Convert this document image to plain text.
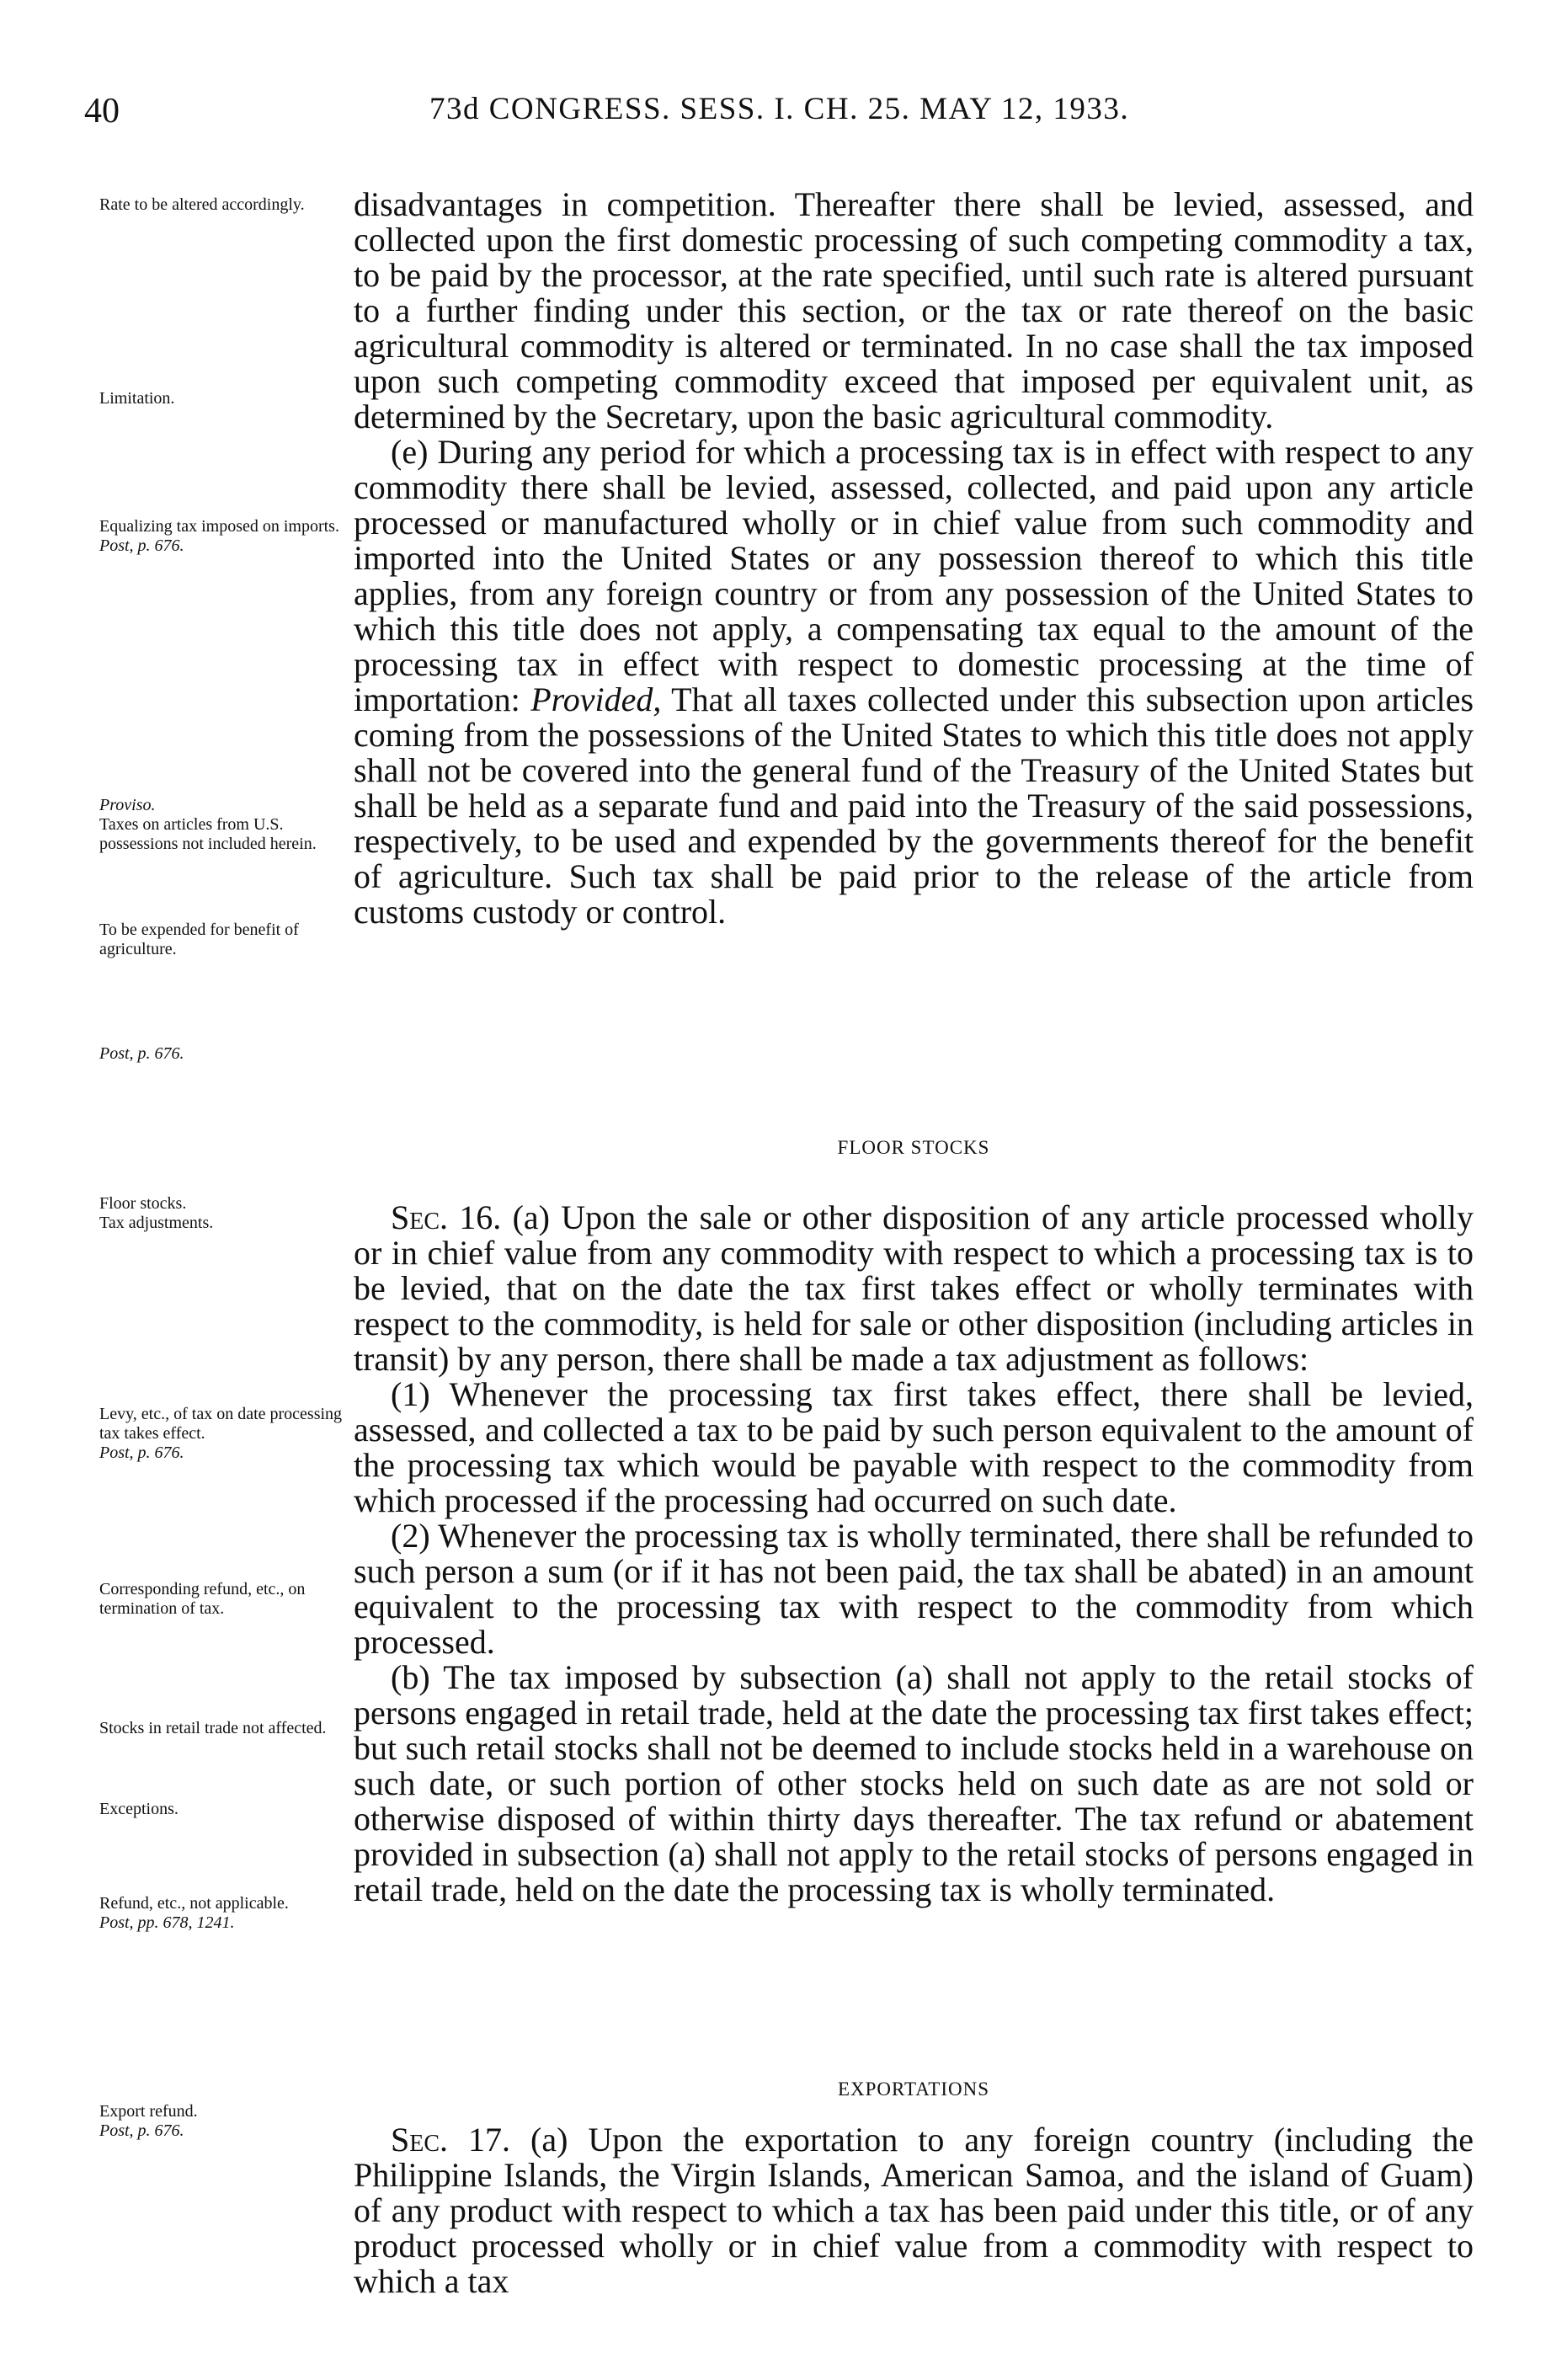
40	73d CONGRESS. SESS. I. CH. 25. MAY 12, 1933.
Rate to be altered accordingly.
Limitation.
Equalizing tax imposed on imports.
Post, p. 676.
Proviso.
Taxes on articles from U.S. possessions not included herein.
To be expended for benefit of agriculture.
Post, p. 676.
Floor stocks.
Tax adjustments.
Levy, etc., of tax on date processing tax takes effect.
Post, p. 676.
Corresponding refund, etc., on termination of tax.
Stocks in retail trade not affected.
Exceptions.
Refund, etc., not applicable.
Post, pp. 678, 1241.
Export refund.
Post, p. 676.

disadvantages in competition. Thereafter there shall be levied, assessed, and collected upon the first domestic processing of such competing commodity a tax, to be paid by the processor, at the rate specified, until such rate is altered pursuant to a further finding under this section, or the tax or rate thereof on the basic agricultural commodity is altered or terminated. In no case shall the tax imposed upon such competing commodity exceed that imposed per equivalent unit, as determined by the Secretary, upon the basic agricultural commodity.

(e) During any period for which a processing tax is in effect with respect to any commodity there shall be levied, assessed, collected, and paid upon any article processed or manufactured wholly or in chief value from such commodity and imported into the United States or any possession thereof to which this title applies, from any foreign country or from any possession of the United States to which this title does not apply, a compensating tax equal to the amount of the processing tax in effect with respect to domestic processing at the time of importation: Provided, That all taxes collected under this subsection upon articles coming from the possessions of the United States to which this title does not apply shall not be covered into the general fund of the Treasury of the United States but shall be held as a separate fund and paid into the Treasury of the said possessions, respectively, to be used and expended by the governments thereof for the benefit of agriculture. Such tax shall be paid prior to the release of the article from customs custody or control.

FLOOR STOCKS

Sec. 16. (a) Upon the sale or other disposition of any article processed wholly or in chief value from any commodity with respect to which a processing tax is to be levied, that on the date the tax first takes effect or wholly terminates with respect to the commodity, is held for sale or other disposition (including articles in transit) by any person, there shall be made a tax adjustment as follows:

(1) Whenever the processing tax first takes effect, there shall be levied, assessed, and collected a tax to be paid by such person equivalent to the amount of the processing tax which would be payable with respect to the commodity from which processed if the processing had occurred on such date.

(2) Whenever the processing tax is wholly terminated, there shall be refunded to such person a sum (or if it has not been paid, the tax shall be abated) in an amount equivalent to the processing tax with respect to the commodity from which processed.

(b) The tax imposed by subsection (a) shall not apply to the retail stocks of persons engaged in retail trade, held at the date the processing tax first takes effect; but such retail stocks shall not be deemed to include stocks held in a warehouse on such date, or such portion of other stocks held on such date as are not sold or otherwise disposed of within thirty days thereafter. The tax refund or abatement provided in subsection (a) shall not apply to the retail stocks of persons engaged in retail trade, held on the date the processing tax is wholly terminated.

EXPORTATIONS

Sec. 17. (a) Upon the exportation to any foreign country (including the Philippine Islands, the Virgin Islands, American Samoa, and the island of Guam) of any product with respect to which a tax has been paid under this title, or of any product processed wholly or in chief value from a commodity with respect to which a tax
